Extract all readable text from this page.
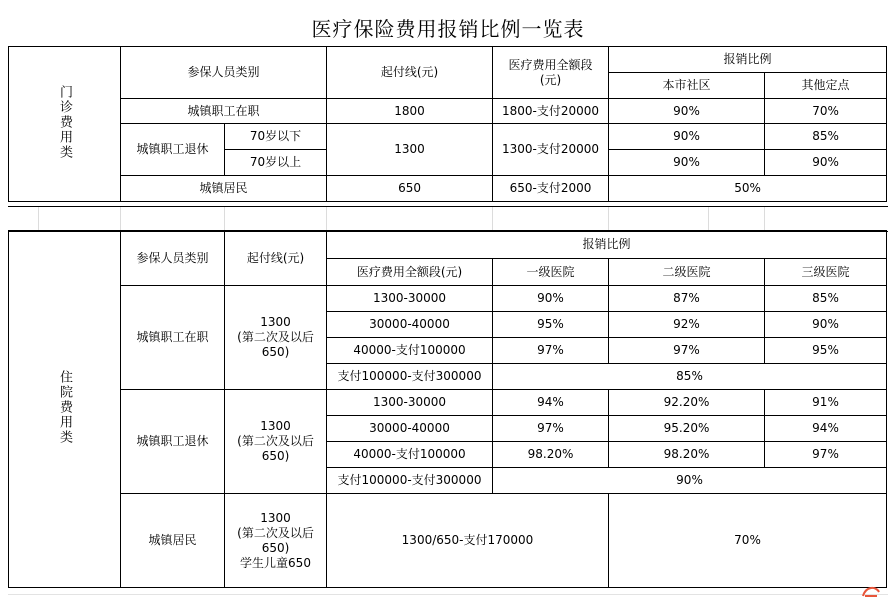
医疗保险费用报销比例一览表
门诊费用类	参保人员类别		起付线(元)	医疗费用全额段
(元)	报销比例	
					本市社区	其他定点
	城镇职工在职		1800	1800-支付20000	90%	70%
	城镇职工退休	70岁以下	1300	1300-支付20000	90%	85%
		70岁以上			90%	90%
	城镇居民		650	650-支付2000	50%	
住院费用类	参保人员类别	起付线(元)	报销比例			
			医疗费用全额段(元)	一级医院	二级医院	三级医院
	城镇职工在职	1300
(第二次及以后
650)	1300-30000	90%	87%	85%
			30000-40000	95%	92%	90%
			40000-支付100000	97%	97%	95%
			支付100000-支付300000	85%		
	城镇职工退休	1300
(第二次及以后
650)	1300-30000	94%	92.20%	91%
			30000-40000	97%	95.20%	94%
			40000-支付100000	98.20%	98.20%	97%
			支付100000-支付300000	90%		
	城镇居民	1300
(第二次及以后
650)
学生儿童650	1300/650-支付170000		70%	
